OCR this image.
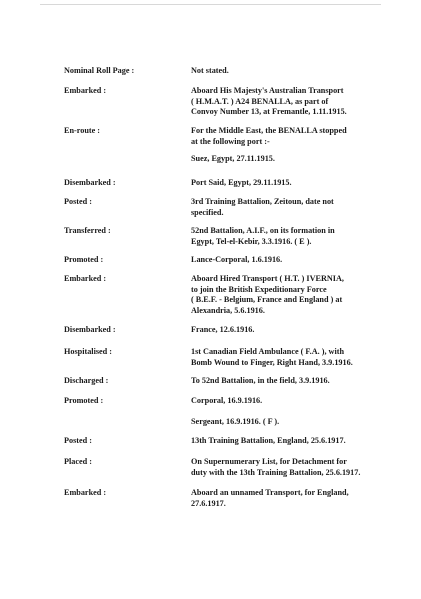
Nominal Roll Page :	Not stated.
Embarked :	Aboard His Majesty's Australian Transport
( H.M.A.T. ) A24 BENALLA, as part of
Convoy Number 13, at Fremantle, 1.11.1915.
En-route :	For the Middle East, the BENALLA stopped
at the following port :-
Suez, Egypt, 27.11.1915.
Disembarked :	Port Said, Egypt, 29.11.1915.
Posted :	3rd Training Battalion, Zeitoun, date not
specified.
Transferred :	52nd Battalion, A.I.F., on its formation in
Egypt, Tel-el-Kebir, 3.3.1916. ( E ).
Promoted :	Lance-Corporal, 1.6.1916.
Embarked :	Aboard Hired Transport ( H.T. ) IVERNIA,
to join the British Expeditionary Force
( B.E.F. - Belgium, France and England ) at
Alexandria, 5.6.1916.
Disembarked :	France, 12.6.1916.
Hospitalised :	1st Canadian Field Ambulance ( F.A. ), with
Bomb Wound to Finger, Right Hand, 3.9.1916.
Discharged :	To 52nd Battalion, in the field, 3.9.1916.
Promoted :	Corporal, 16.9.1916.
Sergeant, 16.9.1916. ( F ).
Posted :	13th Training Battalion, England, 25.6.1917.
Placed :	On Supernumerary List, for Detachment for
duty with the 13th Training Battalion, 25.6.1917.
Embarked :	Aboard an unnamed Transport, for England,
27.6.1917.
